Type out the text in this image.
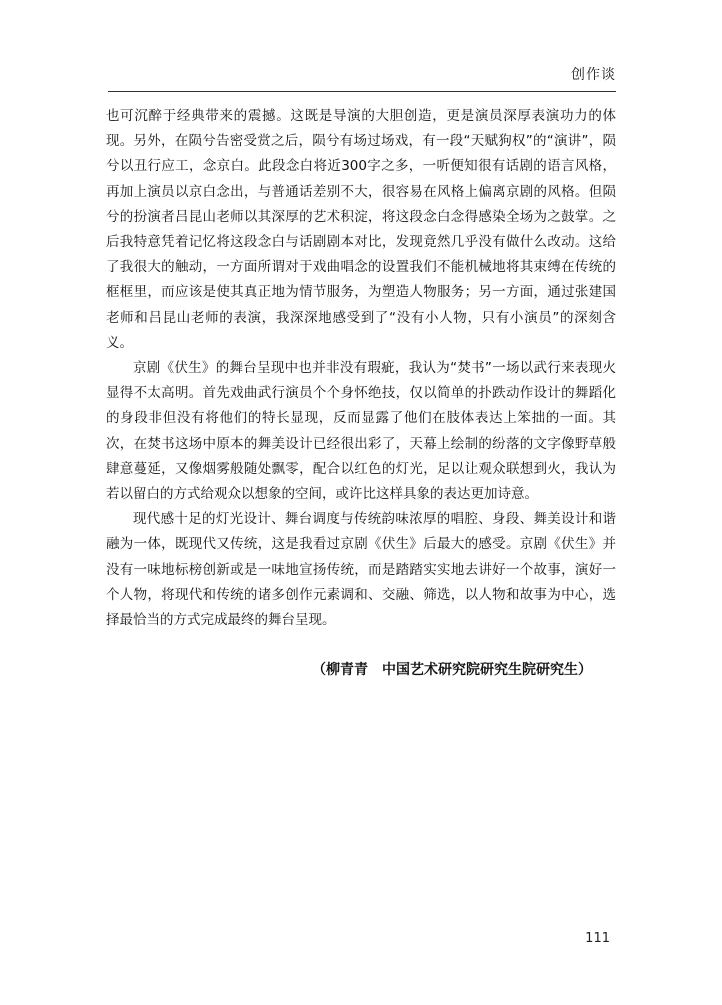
创作谈

也可沉醉于经典带来的震撼。这既是导演的大胆创造，更是演员深厚表演功力的体现。另外，在陨兮告密受赏之后，陨兮有场过场戏，有一段“天赋狗权”的“演讲”，陨兮以丑行应工，念京白。此段念白将近300字之多，一听便知很有话剧的语言风格，再加上演员以京白念出，与普通话差别不大，很容易在风格上偏离京剧的风格。但陨兮的扮演者吕昆山老师以其深厚的艺术积淀，将这段念白念得感染全场为之鼓掌。之后我特意凭着记忆将这段念白与话剧剧本对比，发现竟然几乎没有做什么改动。这给了我很大的触动，一方面所谓对于戏曲唱念的设置我们不能机械地将其束缚在传统的框框里，而应该是使其真正地为情节服务，为塑造人物服务；另一方面，通过张建国老师和吕昆山老师的表演，我深深地感受到了“没有小人物，只有小演员”的深刻含义。

京剧《伏生》的舞台呈现中也并非没有瑕疵，我认为“焚书”一场以武行来表现火显得不太高明。首先戏曲武行演员个个身怀绝技，仅以简单的扑跌动作设计的舞蹈化的身段非但没有将他们的特长显现，反而显露了他们在肢体表达上笨拙的一面。其次，在焚书这场中原本的舞美设计已经很出彩了，天幕上绘制的纷落的文字像野草般肆意蔓延，又像烟雾般随处飘零，配合以红色的灯光，足以让观众联想到火，我认为若以留白的方式给观众以想象的空间，或许比这样具象的表达更加诗意。

现代感十足的灯光设计、舞台调度与传统韵味浓厚的唱腔、身段、舞美设计和谐融为一体，既现代又传统，这是我看过京剧《伏生》后最大的感受。京剧《伏生》并没有一味地标榜创新或是一味地宣扬传统，而是踏踏实实地去讲好一个故事，演好一个人物，将现代和传统的诸多创作元素调和、交融、筛选，以人物和故事为中心，选择最恰当的方式完成最终的舞台呈现。

（柳青青 中国艺术研究院研究生院研究生）
111
